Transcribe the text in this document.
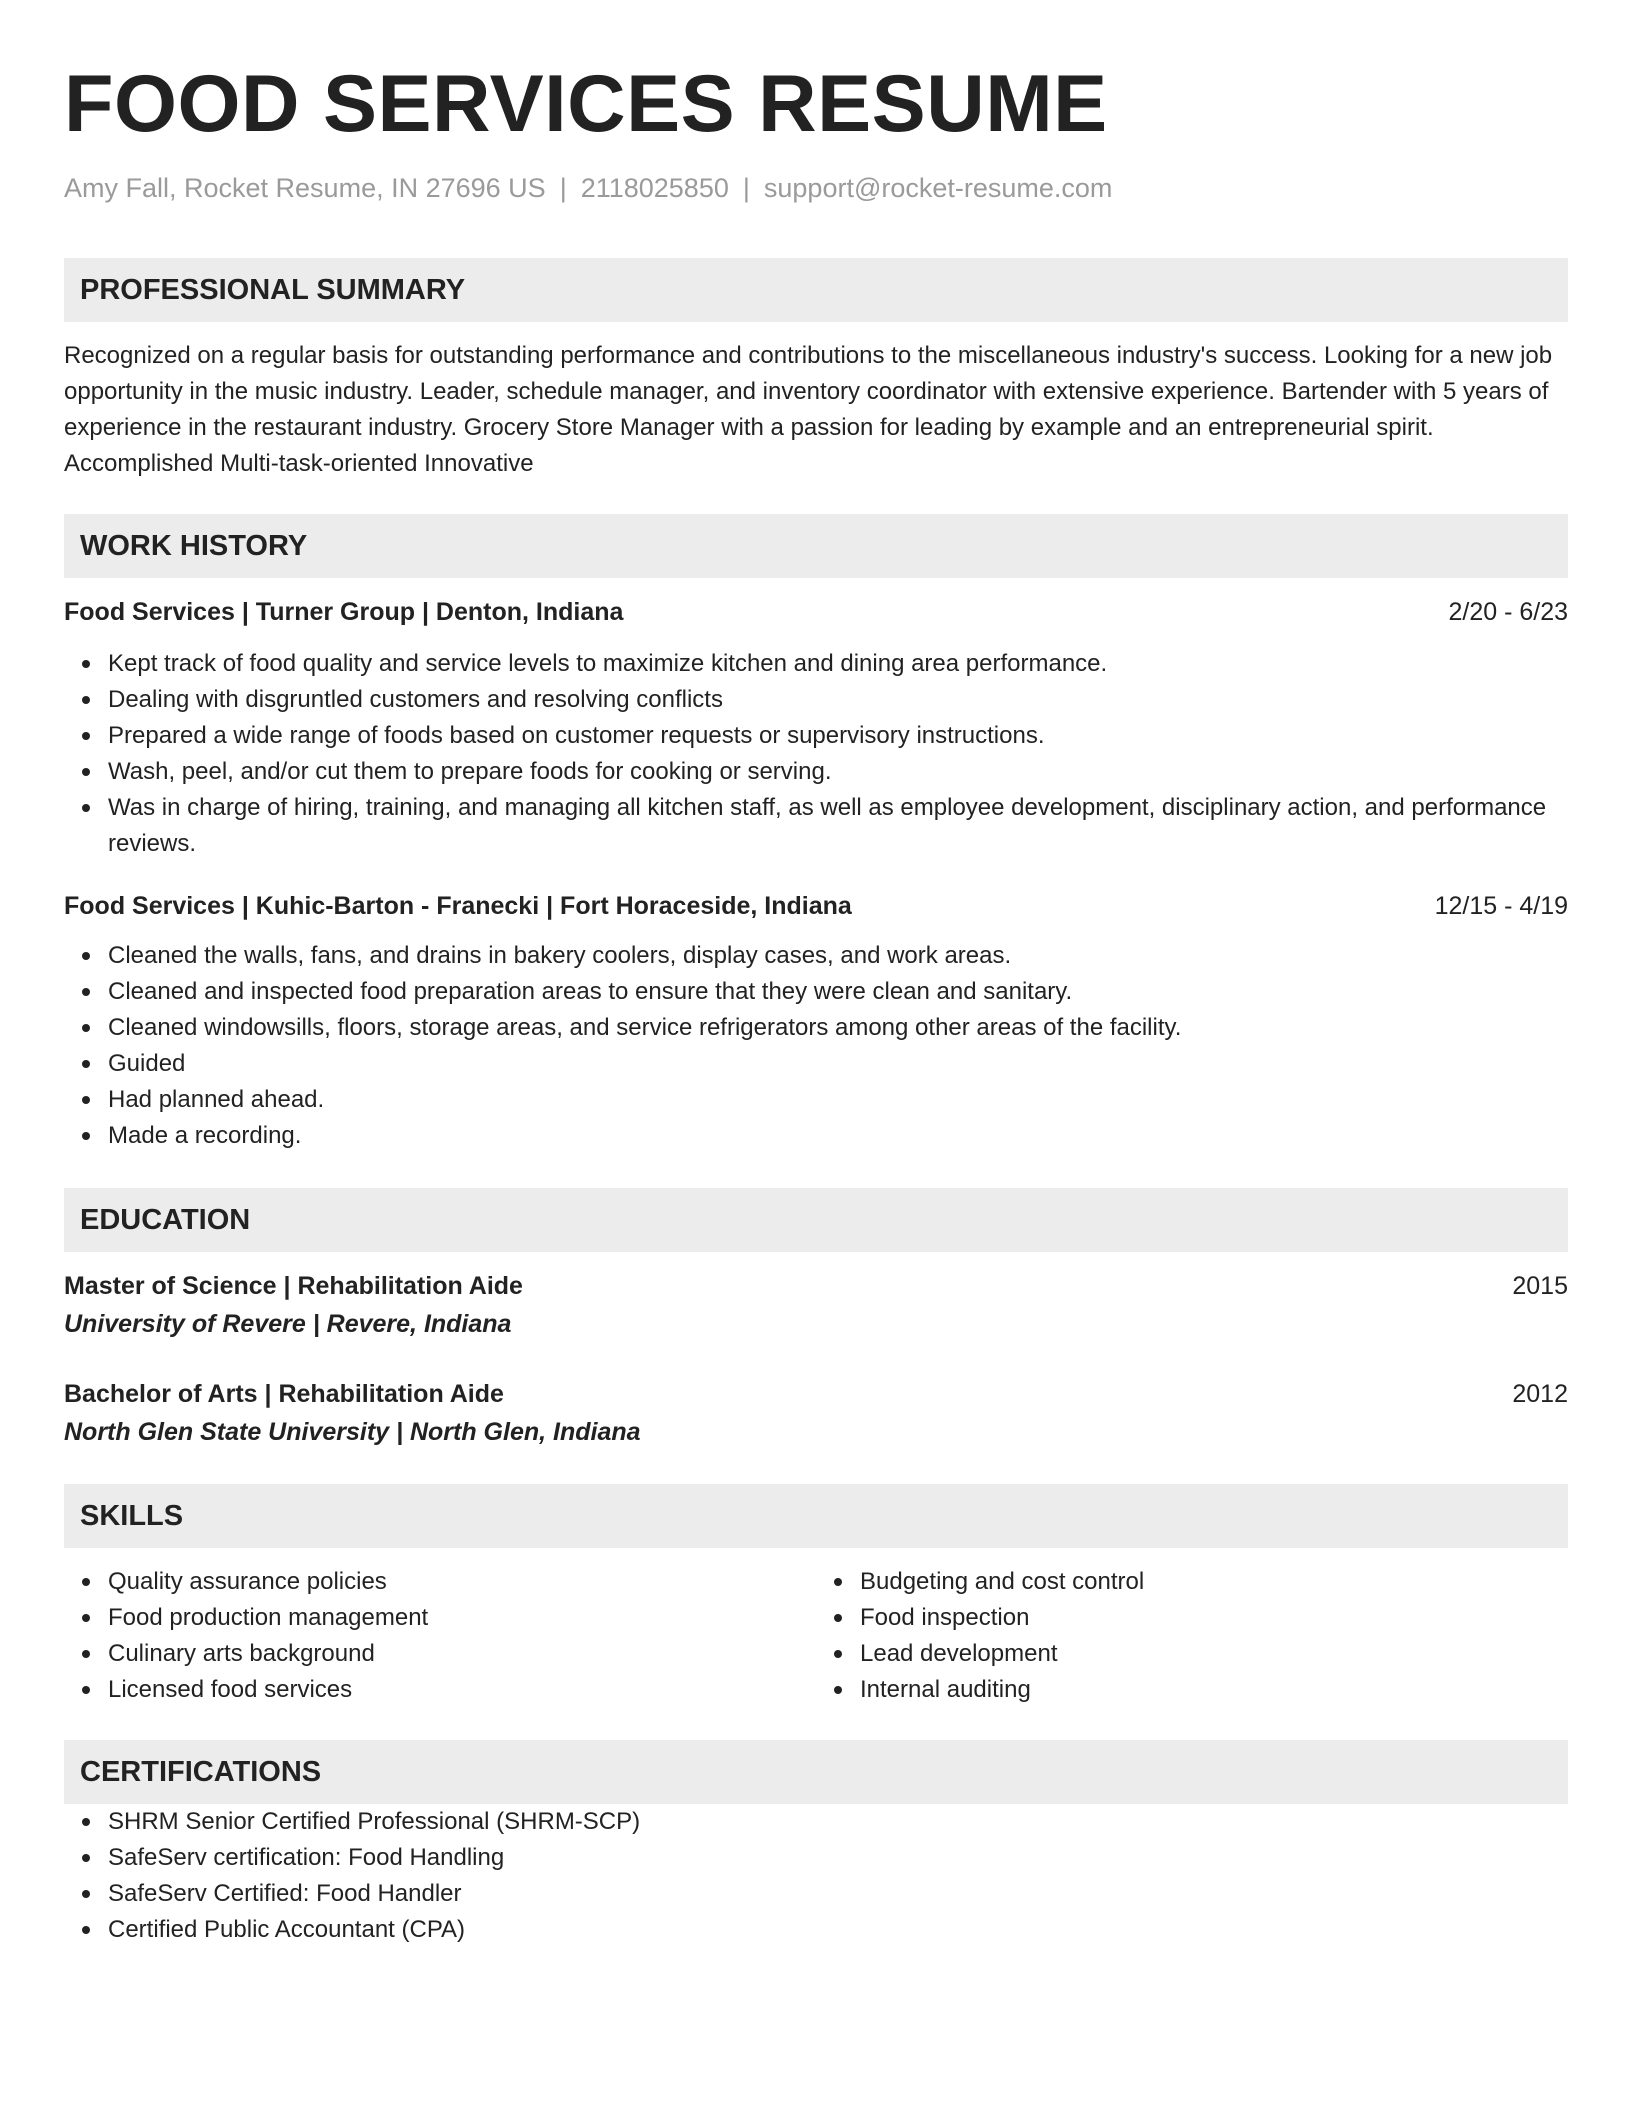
FOOD SERVICES RESUME
Amy Fall, Rocket Resume, IN 27696 US | 2118025850 | support@rocket-resume.com
PROFESSIONAL SUMMARY

Recognized on a regular basis for outstanding performance and contributions to the miscellaneous industry's success. Looking for a new job opportunity in the music industry. Leader, schedule manager, and inventory coordinator with extensive experience. Bartender with 5 years of experience in the restaurant industry. Grocery Store Manager with a passion for leading by example and an entrepreneurial spirit. Accomplished Multi-task-oriented Innovative

WORK HISTORY
Food Services | Turner Group | Denton, Indiana	2/20 - 6/23
Kept track of food quality and service levels to maximize kitchen and dining area performance.
Dealing with disgruntled customers and resolving conflicts
Prepared a wide range of foods based on customer requests or supervisory instructions.
Wash, peel, and/or cut them to prepare foods for cooking or serving.
Was in charge of hiring, training, and managing all kitchen staff, as well as employee development, disciplinary action, and performance reviews.
Food Services | Kuhic-Barton - Franecki | Fort Horaceside, Indiana	12/15 - 4/19
Cleaned the walls, fans, and drains in bakery coolers, display cases, and work areas.
Cleaned and inspected food preparation areas to ensure that they were clean and sanitary.
Cleaned windowsills, floors, storage areas, and service refrigerators among other areas of the facility.
Guided
Had planned ahead.
Made a recording.
EDUCATION
Master of Science | Rehabilitation Aide	2015
University of Revere | Revere, Indiana
Bachelor of Arts | Rehabilitation Aide	2012
North Glen State University | North Glen, Indiana
SKILLS
Quality assurance policies
Food production management
Culinary arts background
Licensed food services
Budgeting and cost control
Food inspection
Lead development
Internal auditing
CERTIFICATIONS
SHRM Senior Certified Professional (SHRM-SCP)
SafeServ certification: Food Handling
SafeServ Certified: Food Handler
Certified Public Accountant (CPA)
